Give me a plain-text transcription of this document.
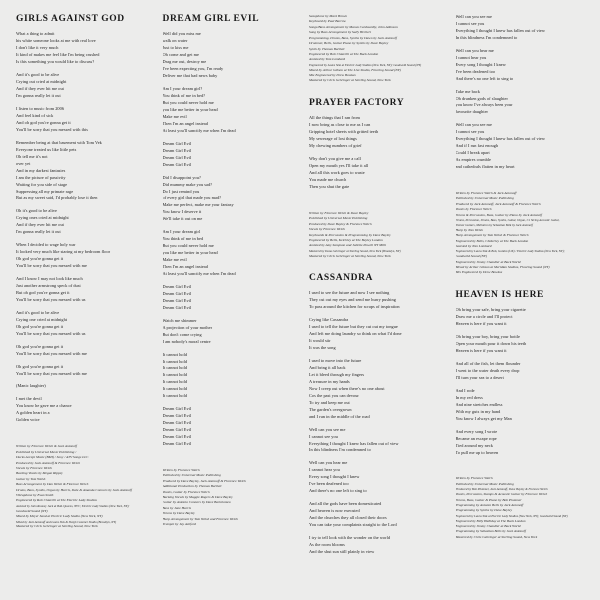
GIRLS AGAINST GOD
What a thing to admit
his white someone looks at me with real love
I don't like it very much
It kind of makes me feel like I'm being crushed
Is this something you would like to discuss?
And it's good to be alive
Crying out cried at midnight
And if they ever hit me out
I'm gonna really let it out
I listen to music from 2006
And feel kind of sick
And oh god you're gonna get it
You'll be sorry that you messed with this
Remember being at that basement with Tom Vek
Everyone treated us like little pets
Oh tell me it's not
over yet
And in my darkest fantasies
I am the picture of passivity
Waiting for you side of stage
Suppressing all my primate rage
But as my sweet said, I'd probably lose it then
Oh it's good to be alive
Crying ones cried at midnight
And if they ever hit me out
I'm gonna really let it out
When I decided to wage holy war
It looked very much like staring at my bedroom floor
Oh god you're gonna get it
You'll be sorry that you messed with me
And I know I may not look like much
Just another armstrong speck of dust
But oh god you're gonna get it
You'll be sorry that you messed with us
And it's good to be alive
Crying one cried at midnight
Oh god you're gonna get it
You'll be sorry that you messed with us
Oh god you're gonna get it
You'll be sorry that you messed with me
Oh god you're gonna get it
You'll be sorry that you messed with me
(Manic laughter)
I met the devil
You know he gave me a chance
A golden heart in a
Golden voice
Written by Florence Welch & Jack Antonoff
Published by Universal Music Publishing /
Ducks Accept Music (BMI) / Sony / ATV Songs LLC
Produced by Jack Antonoff & Florence Welch
Vocals by Florence Welch
Backing Vocals by Megan Rippey
Guitar by Tom Welsh
Bass Arrangement by Dan Welsh & Florence Welch
Drums, Bass, Synths, Organ by Harris, Dale & Amanda Connors by Jack Antonoff
Vibraphone by Evan Smith
Engineered by Rob Chiarelli at The Electric Lady Studios
Assisted by John Rooney Jack at BAL Queens, NYC; Electric Lady Studios (New York, NY);
Goodweld Sound (NY)
Mixed by Meyer Sand at Electric Lady Studio (New York, NY)
Mixed by Jack Antonoff and Laura Sisk & Sleigh Cassmer Studio (Brooklyn, NY)
Mastered by Chris Gehringer at Sterling Sound, New York
DREAM GIRL EVIL
Well did you miss me
walk on water
Just to kiss me
Oh come and get me
Drag me out, destroy me
I've been expecting you, I'm ready
Deliver me that bad news baby
Am I your dream girl?
You think of me in bed?
But you could never hold me
you like me better in your head
Make me evil
Then I'm an angel instead
At least you'll sanctify me when I'm dead
Dream Girl Evil
Dream Girl Evil
Dream Girl Evil
Dream Girl Evil
Did I disappoint you?
Did mummy make you sad?
Do I just remind you
of every girl that made you mad?
Make me perfect, make me your fantasy
You know I deserve it
We'll take it out on me
Am I your dream girl
You think of me in bed
But you could never hold me
you like me better in your head
Make me evil
Then I'm an angel instead
At least you'll sanctify me when I'm dead
Dream Girl Evil
Dream Girl Evil
Dream Girl Evil
Dream Girl Evil
Watch me shimmer
A projection of your mother
But don't come crying
I am nobody's moral centre
It cannot hold
It cannot hold
It cannot hold
It cannot hold
It cannot hold
It cannot hold
It cannot hold
Dream Girl Evil
Dream Girl Evil
Dream Girl Evil
Dream Girl Evil
Dream Girl Evil
Dream Girl Evil
Written by Florence Welch
Published by Universal Music Publishing
Produced by Dave Bayley, Jack Antonoff & Florence Welch
Additional Production by Thomas Bartlett
Vocals, Guitar by Florence Welch
Backing Vocals by Maggie Rogers & Dave Bayley
Guitar by Antonio Connors by Dave Bartolomeo
Bass by Jane Harris
Drums by Dave Bayley
Harp Arrangement by Tom Welsh and Florence Welch
Trumpet by Jay Ashford
Saxophone by Mark Brown
Keyboard by Paul Barrow
Songs/Bass Arrangement by Manus Cardwardly, John Atkinson
Sung by Bass Arrangement by Sally Herbert
Programming, Drums, Bass, Synths by Dawn by Jack Antonoff
Drummer, Bells, Guitar Piano by Synths by Dave Bayley
Synth by Thomas Bartlett
Engineered by Bob Chiarelli at The Back London
Assisted by Tom Lombard
Engineered by Laura Sisk at Electric Lady Studios (New York, NY); Goodweld Sound (NY)
Mixed by Arthur Gibson at The Live Studio, Flooring Sound (NY)
Mix Engineered by Drew Bowkus
Mastered by Chris Gehringer at Sterling Sound, New York
PRAYER FACTORY
All the things that I ran from
I now bring as close to me as I can
Gripping hotel sheets with gritted teeth
My sewerage of lost things
My chewing numbers of grief
Why don't you give me a call
Open my mouth yes I'll take it all
And all this work goes to waste
You made me church
Then you shut the gate
Written by Florence Welch & Dave Bayley
Published by Universal Music Publishing
Produced by Dave Bayley & Florence Welch
Vocals by Florence Welch
Keyboards & Percussion & Programming by Dave Bayley
Engineered by Bells, Kelchley at The Bayley London
Assisted by Amy Sampson and Juliette Powell NY Milli
Mastered by Dana Gehringer at Sterling Sound, New York (Brooklyn, NY)
Mastered by Chris Gehringer at Sterling Sound, New York
CASSANDRA
I used to see the future and now I see nothing
They cut out my eyes and send me hurry pushing
To pass around the kitchen for scraps of inspiration
Crying like Cassandra
I used to tell the future but they cut out my tongue
And left me doing laundry so think on what I'd done
It would stir
It was the song
I used to move into the future
And bring it all back
Let it bleed through my fingers
A treasure in my hands
Now I creep out when there's no one about
Cos the past you can devour
To try and keep me out
The garden's overgrown
and I run in the middle of the road
Well can you see me
I cannot see you
Everything I thought I knew has fallen out of view
In this blindness I'm condemned to
Well can you hear me
I cannot hear you
Every song I thought I knew
I've been deafened too
And there's no one left to sing to
And all the gods have been domesticated
And heaven is now executed
And the churches they all closed their doors
You can take your complaints straight to the Lord
I try to tell look with the wonder on the world
As the room blooms
And the shut sun still plainly in view
Well can you see me
I cannot see you
Everything I thought I knew has fallen out of view
In this blindness I'm condemned to
Well can you hear me
I cannot hear you
Every song I thought I knew
I've been deafened too
And there's no one left to sing to
Take me back
Oh drunken gods of slaughter
you know I've always been your
favourite daughter
Well can you see me
I cannot see you
Everything I thought I knew has fallen out of view
And if I run fast enough
Could I break apart
As empires crumble
and cathedrals flatten in my heart
Written by Florence Welch & Jack Antonoff
Published by Universal Music Publishing
Produced by Jack Antonoff, Jack Antonoff & Florence Welch
Vocals by Florence Welch
Drums & Percussion, Bass, Guitar by Piano by Jack Antonoff
Drums, Percussion, Drums, Bass, Synths, Guitar, Organ, C1 String Acoustic Guitar,
Tremor Guitars, Mellotron by Sebastian Belk by Jack Antonoff
Harp by Tom Welsh
Harp Arrangement by Tom Welsh & Florence Welch
Engineered by Bells, Chiderley at The Back London
Assisted by Tom Lombard
Engineered by Laura Sisk & Bob, Gordon (UK) / Electric Lady Studios (New York, NY);
Goodweld Sound (NY)
Engineered by Jimmy Chandler at Back World
Mixed by Arthur Gibson at Meridian Studios, Flooring Sound (NY)
Mix Engineered by Drew Bowkus
HEAVEN IS HERE
Oh bring your safe, bring your cigarette
Draw me a circle and I'll protect
Heaven is here if you want it
Oh bring your boy, bring your bottle
Open your mouth pour it down his teeth
Heaven is here if you want it
And all of the fish, let them flounder
I went to the water death every drop
I'll turn your sea to a desert
And I rode
In my red dress
And nine stretches endless
With my guts in my hand
You know I always get my Man
And every song I wrote
Became an escape rope
Tied around my neck
To pull me up to heaven
Written by Florence Welch
Published by Universal Music Publishing
Produced by Bob Plummer, Jack Antonoff, Dave Bayley & Florence Welch
Vocals, Percussion, Stamps & Acoustic Guitar by Florence Welch
Drums, Bass, Guitar & Piano by Bob Plummer
Programming by Antonio Bells by Jack Antonoff
Programming by Synths by Dave Bayley
Engineered by Laura Sisk at Electric Lady Studios (New York, NY); Goodweld Sound (NY)
Engineered by Billy Halliday at The Back London
Engineered by Jimmy Chandler at Back World
Programming by Sebastian Bells by Jack Antonoff
Mastered by Chris Gehringer at Sterling Sound, New York
